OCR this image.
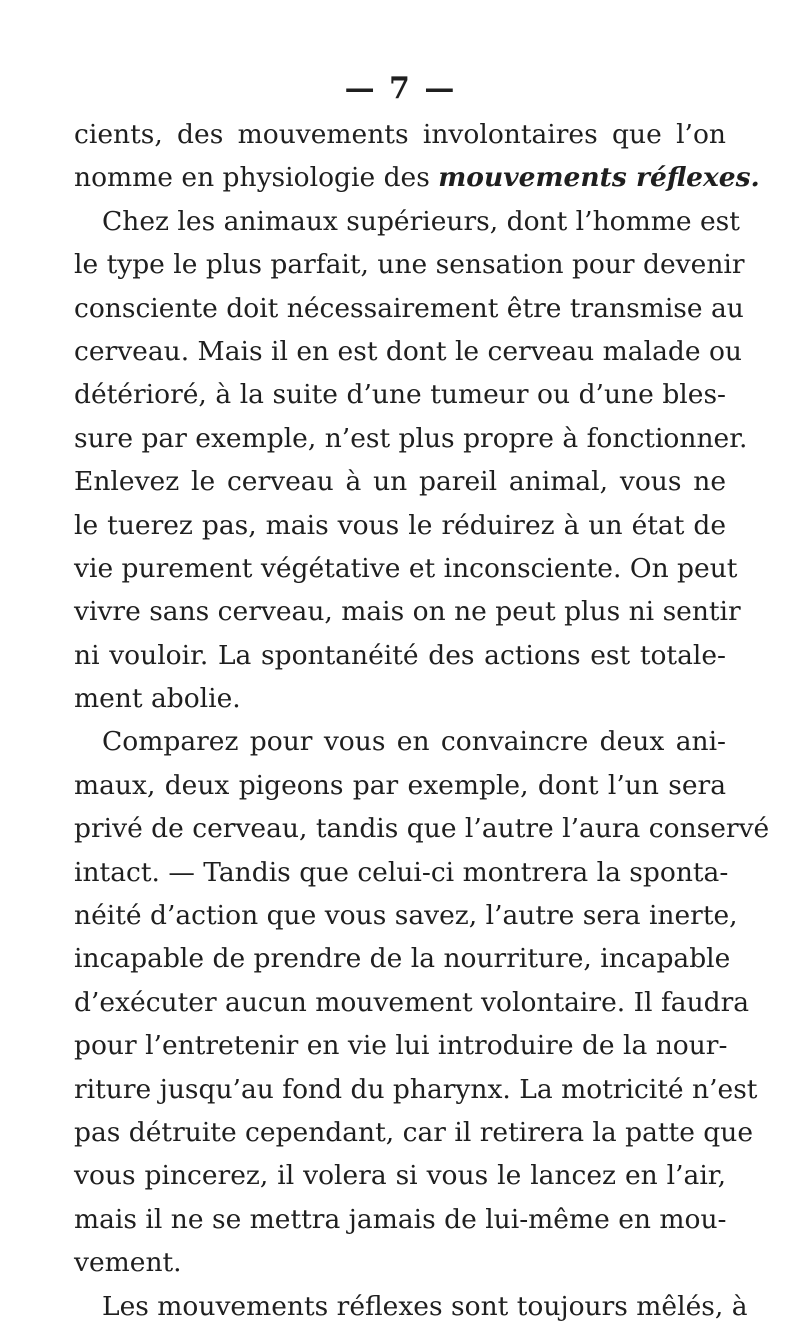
— 7 —
cients, des mouvements involontaires que l’on
nomme en physiologie des mouvements réflexes.
Chez les animaux supérieurs, dont l’homme est
le type le plus parfait, une sensation pour devenir
consciente doit nécessairement être transmise au
cerveau. Mais il en est dont le cerveau malade ou
détérioré, à la suite d’une tumeur ou d’une bles-
sure par exemple, n’est plus propre à fonctionner.
Enlevez le cerveau à un pareil animal, vous ne
le tuerez pas, mais vous le réduirez à un état de
vie purement végétative et inconsciente. On peut
vivre sans cerveau, mais on ne peut plus ni sentir
ni vouloir. La spontanéité des actions est totale-
ment abolie.
Comparez pour vous en convaincre deux ani-
maux, deux pigeons par exemple, dont l’un sera
privé de cerveau, tandis que l’autre l’aura conservé
intact. — Tandis que celui-ci montrera la sponta-
néité d’action que vous savez, l’autre sera inerte,
incapable de prendre de la nourriture, incapable
d’exécuter aucun mouvement volontaire. Il faudra
pour l’entretenir en vie lui introduire de la nour-
riture jusqu’au fond du pharynx. La motricité n’est
pas détruite cependant, car il retirera la patte que
vous pincerez, il volera si vous le lancez en l’air,
mais il ne se mettra jamais de lui-même en mou-
vement.
Les mouvements réflexes sont toujours mêlés, à
